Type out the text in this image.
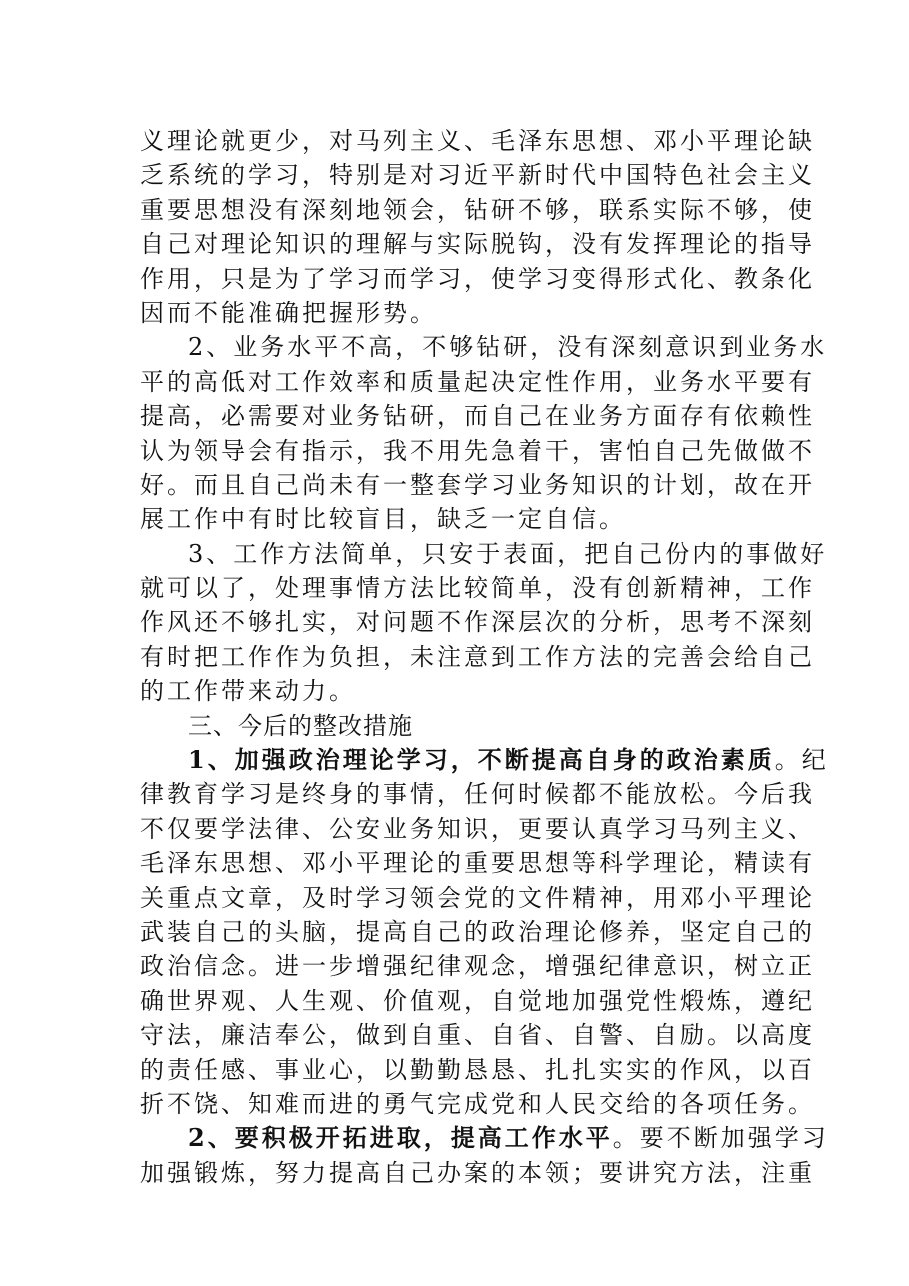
义理论就更少，对马列主义、毛泽东思想、邓小平理论缺
乏系统的学习，特别是对习近平新时代中国特色社会主义
重要思想没有深刻地领会，钻研不够，联系实际不够，使
自己对理论知识的理解与实际脱钩，没有发挥理论的指导
作用，只是为了学习而学习，使学习变得形式化、教条化
因而不能准确把握形势。
2、业务水平不高，不够钻研，没有深刻意识到业务水
平的高低对工作效率和质量起决定性作用，业务水平要有
提高，必需要对业务钻研，而自己在业务方面存有依赖性
认为领导会有指示，我不用先急着干，害怕自己先做做不
好。而且自己尚未有一整套学习业务知识的计划，故在开
展工作中有时比较盲目，缺乏一定自信。
3、工作方法简单，只安于表面，把自己份内的事做好
就可以了，处理事情方法比较简单，没有创新精神，工作
作风还不够扎实，对问题不作深层次的分析，思考不深刻
有时把工作作为负担，未注意到工作方法的完善会给自己
的工作带来动力。
三、今后的整改措施
1、加强政治理论学习，不断提高自身的政治素质。纪
律教育学习是终身的事情，任何时候都不能放松。今后我
不仅要学法律、公安业务知识，更要认真学习马列主义、
毛泽东思想、邓小平理论的重要思想等科学理论，精读有
关重点文章，及时学习领会党的文件精神，用邓小平理论
武装自己的头脑，提高自己的政治理论修养，坚定自己的
政治信念。进一步增强纪律观念，增强纪律意识，树立正
确世界观、人生观、价值观，自觉地加强党性煅炼，遵纪
守法，廉洁奉公，做到自重、自省、自警、自励。以高度
的责任感、事业心，以勤勤恳恳、扎扎实实的作风，以百
折不饶、知难而进的勇气完成党和人民交给的各项任务。
2、要积极开拓进取，提高工作水平。要不断加强学习
加强锻炼，努力提高自己办案的本领；要讲究方法，注重
